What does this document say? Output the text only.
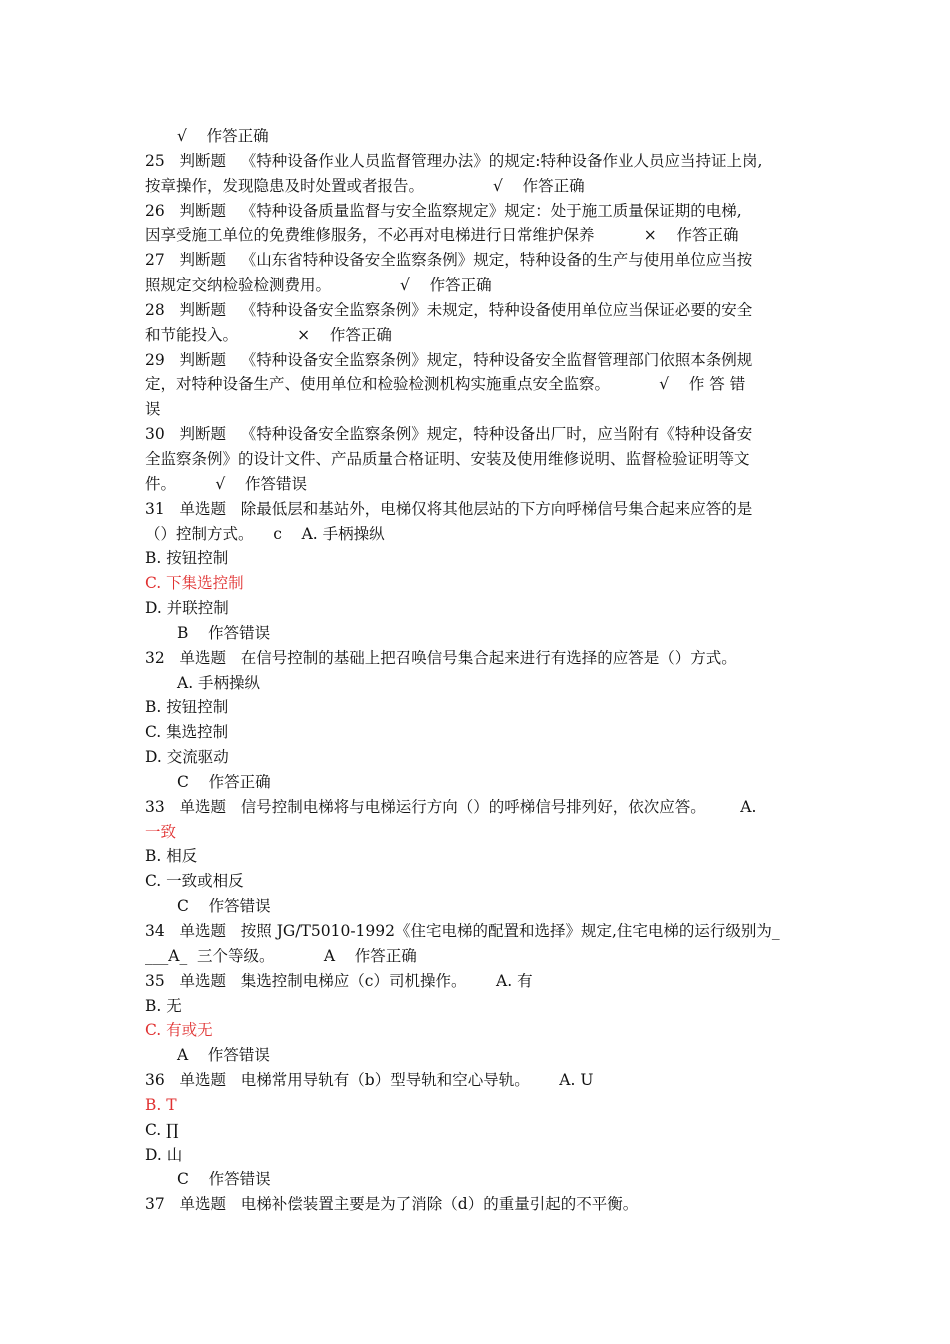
√    作答正确
25   判断题   《特种设备作业人员监督管理办法》的规定:特种设备作业人员应当持证上岗,
按章操作，发现隐患及时处置或者报告。              √    作答正确
26   判断题   《特种设备质量监督与安全监察规定》规定：处于施工质量保证期的电梯,
因享受施工单位的免费维修服务，不必再对电梯进行日常维护保养          ×    作答正确
27   判断题   《山东省特种设备安全监察条例》规定，特种设备的生产与使用单位应当按
照规定交纳检验检测费用。              √    作答正确
28   判断题   《特种设备安全监察条例》未规定，特种设备使用单位应当保证必要的安全
和节能投入。            ×    作答正确
29   判断题   《特种设备安全监察条例》规定，特种设备安全监督管理部门依照本条例规
定，对特种设备生产、使用单位和检验检测机构实施重点安全监察。          √    作 答 错
误
30   判断题   《特种设备安全监察条例》规定，特种设备出厂时，应当附有《特种设备安
全监察条例》的设计文件、产品质量合格证明、安装及使用维修说明、监督检验证明等文
件。        √    作答错误
31   单选题   除最低层和基站外，电梯仅将其他层站的下方向呼梯信号集合起来应答的是
（）控制方式。    c    A. 手柄操纵
B. 按钮控制
C. 下集选控制
D. 并联控制
B    作答错误
32   单选题   在信号控制的基础上把召唤信号集合起来进行有选择的应答是（）方式。
A. 手柄操纵
B. 按钮控制
C. 集选控制
D. 交流驱动
C    作答正确
33   单选题   信号控制电梯将与电梯运行方向（）的呼梯信号排列好，依次应答。       A.
一致
B. 相反
C. 一致或相反
C    作答错误
34   单选题   按照 JG/T5010-1992《住宅电梯的配置和选择》规定,住宅电梯的运行级别为_
___A_  三个等级。          A    作答正确
35   单选题   集选控制电梯应（c）司机操作。      A. 有
B. 无
C. 有或无
A    作答错误
36   单选题   电梯常用导轨有（b）型导轨和空心导轨。      A. U
B. T
C. ∏
D. 山
C    作答错误
37   单选题   电梯补偿装置主要是为了消除（d）的重量引起的不平衡。
